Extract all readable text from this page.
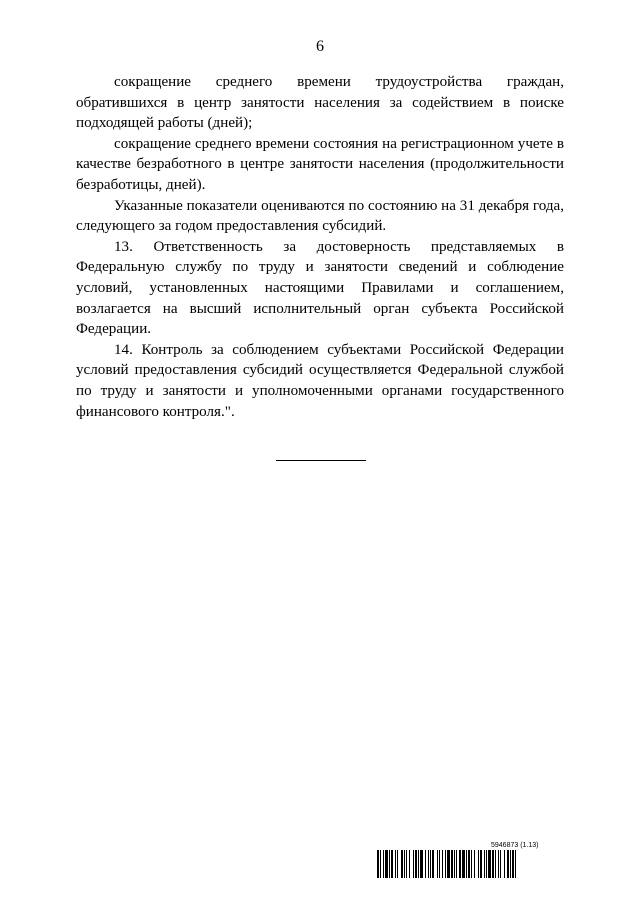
6

сокращение среднего времени трудоустройства граждан, обратившихся в центр занятости населения за содействием в поиске подходящей работы (дней);

сокращение среднего времени состояния на регистрационном учете в качестве безработного в центре занятости населения (продолжительности безработицы, дней).

Указанные показатели оцениваются по состоянию на 31 декабря года, следующего за годом предоставления субсидий.

13. Ответственность за достоверность представляемых в Федеральную службу по труду и занятости сведений и соблюдение условий, установленных настоящими Правилами и соглашением, возлагается на высший исполнительный орган субъекта Российской Федерации.

14. Контроль за соблюдением субъектами Российской Федерации условий предоставления субсидий осуществляется Федеральной службой по труду и занятости и уполномоченными органами государственного финансового контроля.".

5946873 (1.13)
